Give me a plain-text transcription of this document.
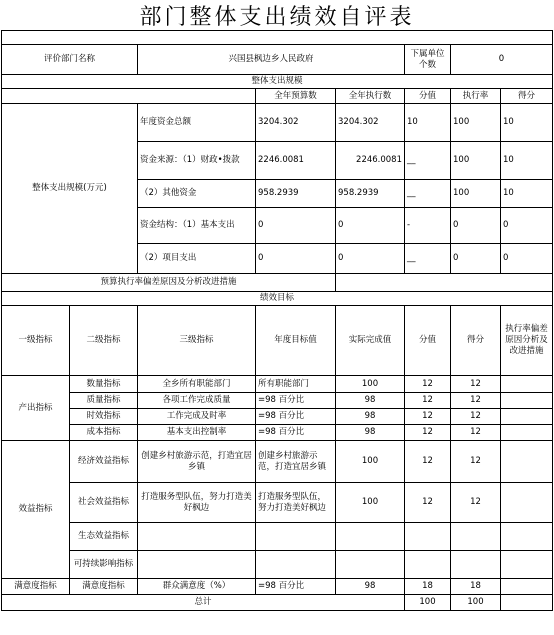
部门整体支出绩效自评表

评价部门名称		兴国县枫边乡人民政府			下属单位个数	0	
整体支出规模							
			全年预算数	全年执行数	分值	执行率	得分
整体支出规模(万元)		年度资金总额	3204.302	3204.302	10	100	10
		资金来源：（1）财政•拨款	2246.0081	2246.0081	__	100	10
		（2）其他资金	958.2939	958.2939	__	100	10
		资金结构：（1）基本支出	0	0	-	0	0
		（2）项目支出	0	0	__	0	0
预算执行率偏差原因及分析改进措施							
绩效目标							
一级指标	二级指标	三级指标	年度目标值	实际完成值	分值	得分	执行率偏差原因分析及改进措施
产出指标	数量指标	全乡所有职能部门	所有职能部门	100	12	12	
	质量指标	各项工作完成质量	=98 百分比	98	12	12	
	时效指标	工作完成及时率	=98 百分比	98	12	12	
	成本指标	基本支出控制率	=98 百分比	98	12	12	
效益指标	经济效益指标	创建乡村旅游示范，打造宜居乡镇	创建乡村旅游示范，打造宜居乡镇	100	12	12	
	社会效益指标	打造服务型队伍，努力打造美好枫边	打造服务型队伍，努力打造美好枫边	100	12	12	
	生态效益指标						
	可持续影响指标						
满意度指标	满意度指标	群众满意度（%）	=98 百分比	98	18	18	
总计					100	100	
